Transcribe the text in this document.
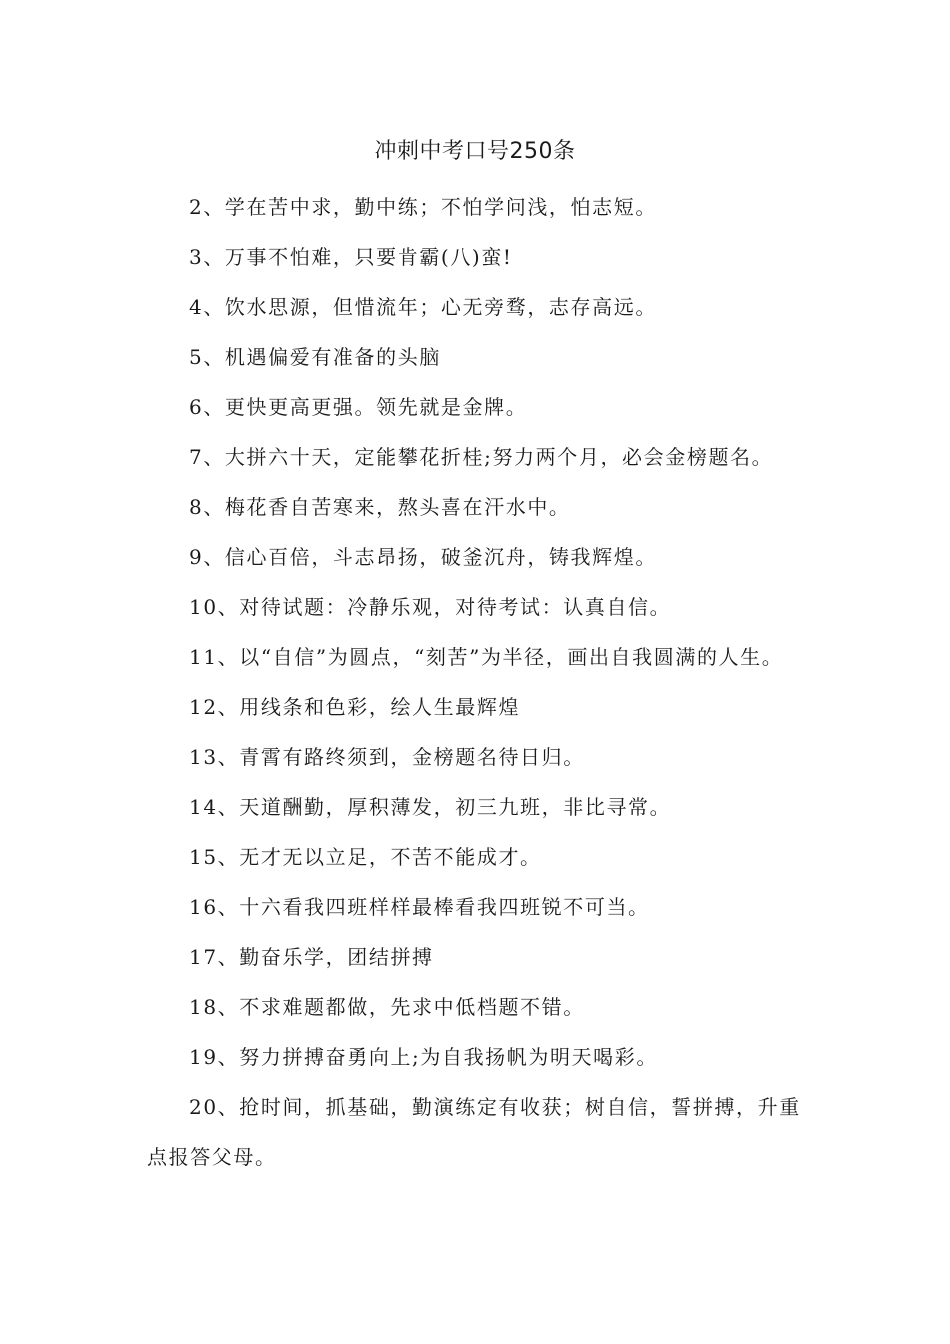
冲刺中考口号250条

2、学在苦中求，勤中练；不怕学问浅，怕志短。

3、万事不怕难，只要肯霸(八)蛮!

4、饮水思源，但惜流年；心无旁骛，志存高远。

5、机遇偏爱有准备的头脑

6、更快更高更强。领先就是金牌。

7、大拼六十天，定能攀花折桂;努力两个月，必会金榜题名。

8、梅花香自苦寒来，熬头喜在汗水中。

9、信心百倍，斗志昂扬，破釜沉舟，铸我辉煌。

10、对待试题：冷静乐观，对待考试：认真自信。

11、以“自信”为圆点，“刻苦”为半径，画出自我圆满的人生。

12、用线条和色彩，绘人生最辉煌

13、青霄有路终须到，金榜题名待日归。

14、天道酬勤，厚积薄发，初三九班，非比寻常。

15、无才无以立足，不苦不能成才。

16、十六看我四班样样最棒看我四班锐不可当。

17、勤奋乐学，团结拼搏

18、不求难题都做，先求中低档题不错。

19、努力拼搏奋勇向上;为自我扬帆为明天喝彩。

20、抢时间，抓基础，勤演练定有收获；树自信，誓拼搏，升重点报答父母。
